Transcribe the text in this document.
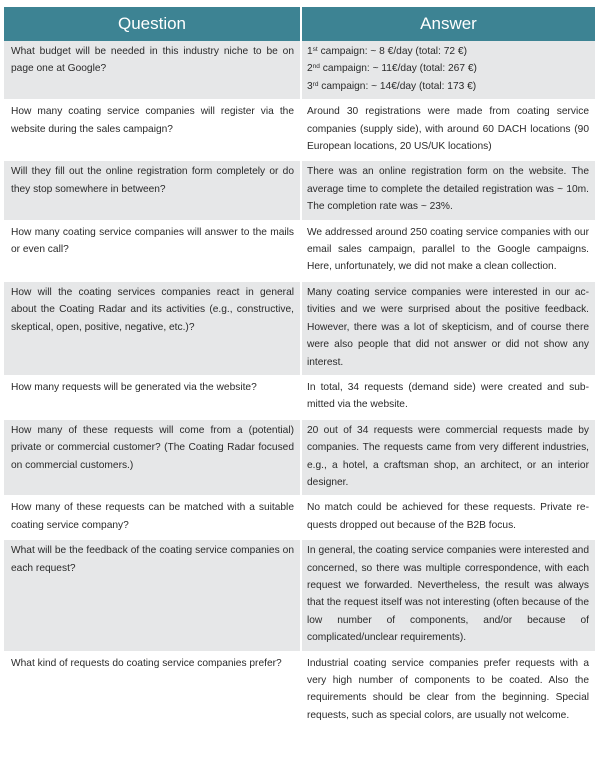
Question	Answer
What budget will be needed in this industry niche to be on page one at Google?	1st campaign: ~ 8 €/day (total: 72 €)
2nd campaign: ~ 11€/day (total: 267 €)
3rd campaign: ~ 14€/day (total: 173 €)

How many coating service companies will register via the website during the sales campaign?	Around 30 registrations were made from coating service companies (supply side), with around 60 DACH locations (90 European locations, 20 US/UK locations)
Will they fill out the online registration form completely or do they stop somewhere in between?	There was an online registration form on the website. The average time to complete the detailed registration was ~ 10m. The completion rate was ~ 23%.
How many coating service companies will answer to the mails or even call?	We addressed around 250 coating service companies with our email sales campaign, parallel to the Google campaigns. Here, unfortunately, we did not make a clean collection.
How will the coating services companies react in general about the Coating Radar and its activities (e.g., constructive, skeptical, open, positive, negative, etc.)?	Many coating service companies were interested in our activities and we were surprised about the positive feedback. However, there was a lot of skepticism, and of course there were also people that did not answer or did not show any interest.
How many requests will be generated via the website?	In total, 34 requests (demand side) were created and submitted via the website.
How many of these requests will come from a (potential) private or commercial customer? (The Coating Radar focused on commercial customers.)	20 out of 34 requests were commercial requests made by companies. The requests came from very different industries, e.g., a hotel, a craftsman shop, an architect, or an interior designer.
How many of these requests can be matched with a suitable coating service company?	No match could be achieved for these requests. Private requests dropped out because of the B2B focus.
What will be the feedback of the coating service companies on each request?	In general, the coating service companies were interested and concerned, so there was multiple correspondence, with each request we forwarded. Nevertheless, the result was always that the request itself was not interesting (often because of the low number of components, and/or because of complicated/unclear requirements).
What kind of requests do coating service companies prefer?	Industrial coating service companies prefer requests with a very high number of components to be coated. Also the requirements should be clear from the beginning. Special requests, such as special colors, are usually not welcome.
